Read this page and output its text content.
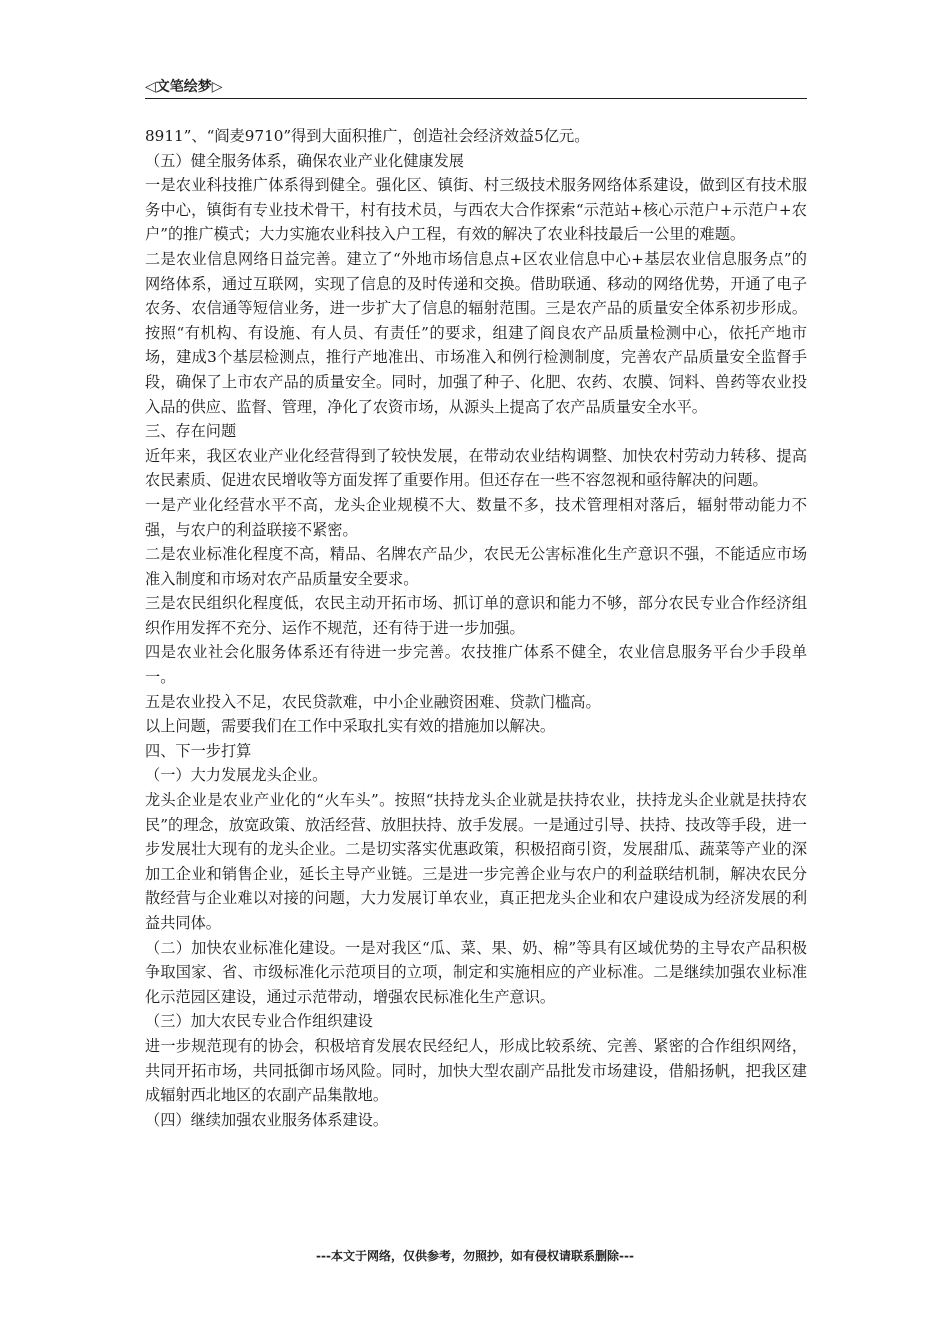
◁文笔绘梦▷

8911”、“阎麦9710”得到大面积推广，创造社会经济效益5亿元。

（五）健全服务体系，确保农业产业化健康发展

一是农业科技推广体系得到健全。强化区、镇街、村三级技术服务网络体系建设，做到区有技术服务中心，镇街有专业技术骨干，村有技术员，与西农大合作探索“示范站+核心示范户+示范户+农户”的推广模式；大力实施农业科技入户工程，有效的解决了农业科技最后一公里的难题。

二是农业信息网络日益完善。建立了“外地市场信息点+区农业信息中心+基层农业信息服务点”的网络体系，通过互联网，实现了信息的及时传递和交换。借助联通、移动的网络优势，开通了电子农务、农信通等短信业务，进一步扩大了信息的辐射范围。三是农产品的质量安全体系初步形成。按照“有机构、有设施、有人员、有责任”的要求，组建了阎良农产品质量检测中心，依托产地市场，建成3个基层检测点，推行产地准出、市场准入和例行检测制度，完善农产品质量安全监督手段，确保了上市农产品的质量安全。同时，加强了种子、化肥、农药、农膜、饲料、兽药等农业投入品的供应、监督、管理，净化了农资市场，从源头上提高了农产品质量安全水平。

三、存在问题

近年来，我区农业产业化经营得到了较快发展，在带动农业结构调整、加快农村劳动力转移、提高农民素质、促进农民增收等方面发挥了重要作用。但还存在一些不容忽视和亟待解决的问题。

一是产业化经营水平不高，龙头企业规模不大、数量不多，技术管理相对落后，辐射带动能力不强，与农户的利益联接不紧密。

二是农业标准化程度不高，精品、名牌农产品少，农民无公害标准化生产意识不强，不能适应市场准入制度和市场对农产品质量安全要求。

三是农民组织化程度低，农民主动开拓市场、抓订单的意识和能力不够，部分农民专业合作经济组织作用发挥不充分、运作不规范，还有待于进一步加强。

四是农业社会化服务体系还有待进一步完善。农技推广体系不健全，农业信息服务平台少手段单一。

五是农业投入不足，农民贷款难，中小企业融资困难、贷款门槛高。

以上问题，需要我们在工作中采取扎实有效的措施加以解决。

四、下一步打算

（一）大力发展龙头企业。

龙头企业是农业产业化的“火车头”。按照“扶持龙头企业就是扶持农业，扶持龙头企业就是扶持农民”的理念，放宽政策、放活经营、放胆扶持、放手发展。一是通过引导、扶持、技改等手段，进一步发展壮大现有的龙头企业。二是切实落实优惠政策，积极招商引资，发展甜瓜、蔬菜等产业的深加工企业和销售企业，延长主导产业链。三是进一步完善企业与农户的利益联结机制，解决农民分散经营与企业难以对接的问题，大力发展订单农业，真正把龙头企业和农户建设成为经济发展的利益共同体。

（二）加快农业标准化建设。一是对我区“瓜、菜、果、奶、棉”等具有区域优势的主导农产品积极争取国家、省、市级标准化示范项目的立项，制定和实施相应的产业标准。二是继续加强农业标准化示范园区建设，通过示范带动，增强农民标准化生产意识。

（三）加大农民专业合作组织建设

进一步规范现有的协会，积极培育发展农民经纪人，形成比较系统、完善、紧密的合作组织网络，共同开拓市场，共同抵御市场风险。同时，加快大型农副产品批发市场建设，借船扬帆，把我区建成辐射西北地区的农副产品集散地。

（四）继续加强农业服务体系建设。

---本文于网络，仅供参考，勿照抄，如有侵权请联系删除---
